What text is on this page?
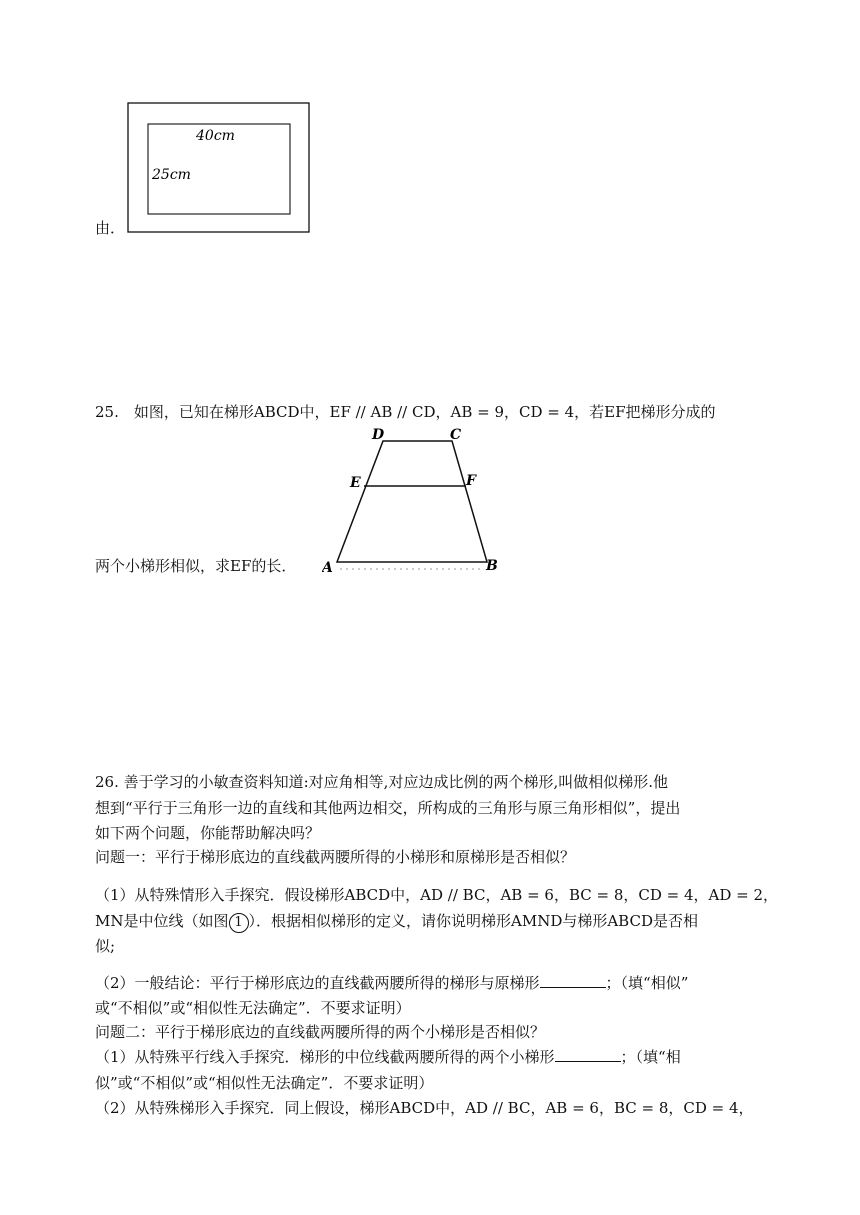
由．
40cm
25cm
25.　如图，已知在梯形ABCD中，EF // AB // CD，AB = 9，CD = 4，若EF把梯形分成的
两个小梯形相似，求EF的长．
D	C
E	F
A	B
26. 善于学习的小敏查资料知道:对应角相等,对应边成比例的两个梯形,叫做相似梯形.他
想到“平行于三角形一边的直线和其他两边相交，所构成的三角形与原三角形相似”，提出
如下两个问题，你能帮助解决吗？
问题一：平行于梯形底边的直线截两腰所得的小梯形和原梯形是否相似？
（1）从特殊情形入手探究．假设梯形ABCD中，AD // BC，AB = 6，BC = 8，CD = 4，AD = 2，
MN是中位线（如图 1 ）．根据相似梯形的定义，请你说明梯形AMND与梯形ABCD是否相
似;
（2）一般结论：平行于梯形底边的直线截两腰所得的梯形与原梯形	；（填“相似”
或“不相似”或“相似性无法确定”．不要求证明）
问题二：平行于梯形底边的直线截两腰所得的两个小梯形是否相似？
（1）从特殊平行线入手探究．梯形的中位线截两腰所得的两个小梯形	；（填“相
似”或“不相似”或“相似性无法确定”．不要求证明）
（2）从特殊梯形入手探究．同上假设，梯形ABCD中，AD // BC，AB = 6，BC = 8，CD = 4，
